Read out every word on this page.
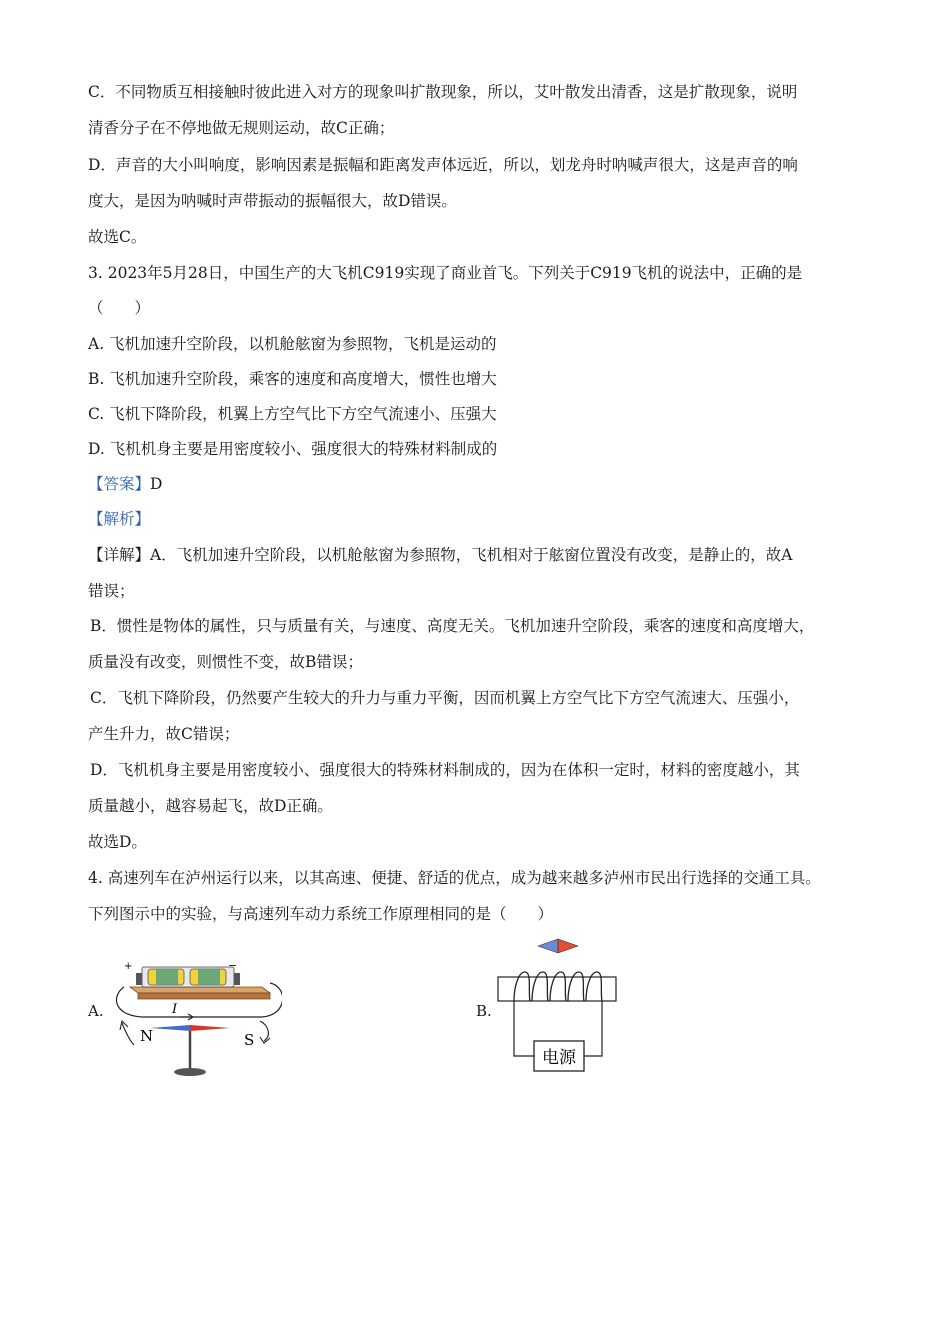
C．不同物质互相接触时彼此进入对方的现象叫扩散现象，所以，艾叶散发出清香，这是扩散现象，说明
清香分子在不停地做无规则运动，故C正确；
D．声音的大小叫响度，影响因素是振幅和距离发声体远近，所以，划龙舟时呐喊声很大，这是声音的响
度大，是因为呐喊时声带振动的振幅很大，故D错误。
故选C。
3. 2023年5月28日，中国生产的大飞机C919实现了商业首飞。下列关于C919飞机的说法中，正确的是
（　　）
A. 飞机加速升空阶段，以机舱舷窗为参照物，飞机是运动的
B. 飞机加速升空阶段，乘客的速度和高度增大，惯性也增大
C. 飞机下降阶段，机翼上方空气比下方空气流速小、压强大
D. 飞机机身主要是用密度较小、强度很大的特殊材料制成的
【答案】D
【解析】
【详解】A．飞机加速升空阶段，以机舱舷窗为参照物，飞机相对于舷窗位置没有改变，是静止的，故A
错误；
B．惯性是物体的属性，只与质量有关，与速度、高度无关。飞机加速升空阶段，乘客的速度和高度增大，
质量没有改变，则惯性不变，故B错误；
C．飞机下降阶段，仍然要产生较大的升力与重力平衡，因而机翼上方空气比下方空气流速大、压强小，
产生升力，故C错误；
D．飞机机身主要是用密度较小、强度很大的特殊材料制成的，因为在体积一定时，材料的密度越小，其
质量越小，越容易起飞，故D正确。
故选D。
4. 高速列车在泸州运行以来，以其高速、便捷、舒适的优点，成为越来越多泸州市民出行选择的交通工具。
下列图示中的实验，与高速列车动力系统工作原理相同的是（　　）
A.	I
+	−
N	S
B.
电源
